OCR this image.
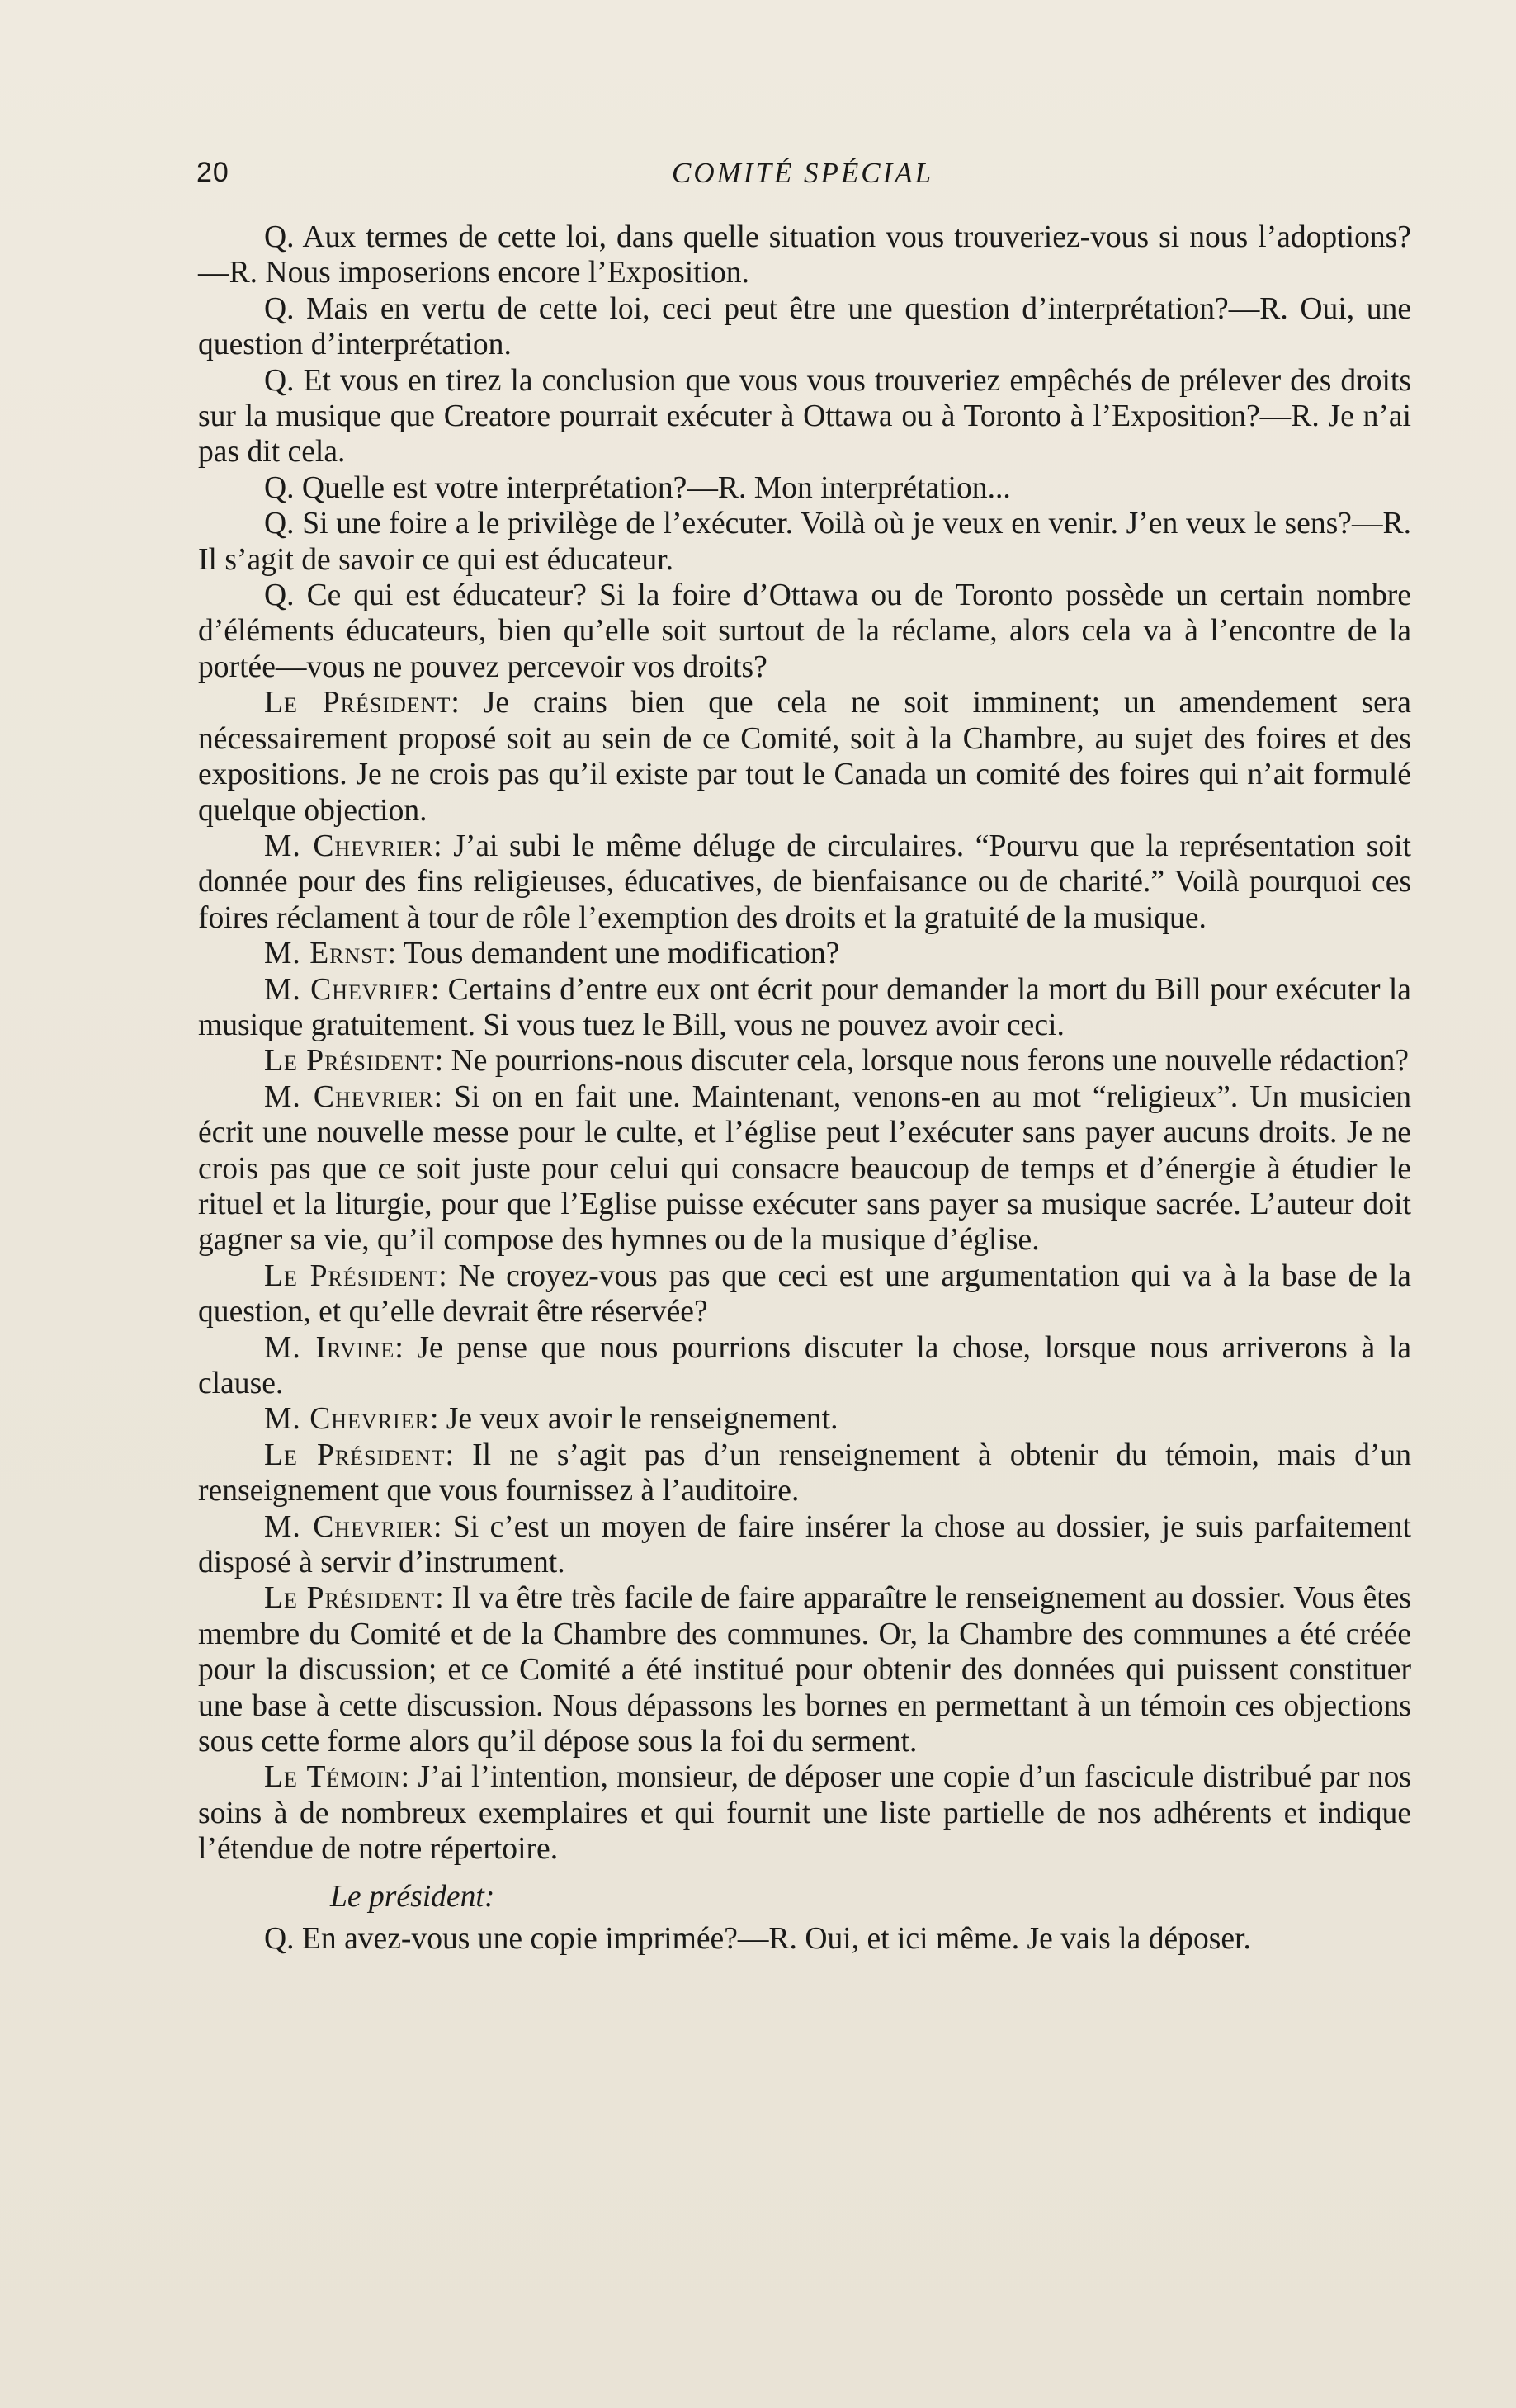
20	COMITÉ SPÉCIAL

Q. Aux termes de cette loi, dans quelle situation vous trouveriez-vous si nous l’adoptions?—R. Nous imposerions encore l’Exposition.

Q. Mais en vertu de cette loi, ceci peut être une question d’interprétation?—R. Oui, une question d’interprétation.

Q. Et vous en tirez la conclusion que vous vous trouveriez empêchés de prélever des droits sur la musique que Creatore pourrait exécuter à Ottawa ou à Toronto à l’Exposition?—R. Je n’ai pas dit cela.

Q. Quelle est votre interprétation?—R. Mon interprétation...

Q. Si une foire a le privilège de l’exécuter. Voilà où je veux en venir. J’en veux le sens?—R. Il s’agit de savoir ce qui est éducateur.

Q. Ce qui est éducateur? Si la foire d’Ottawa ou de Toronto possède un certain nombre d’éléments éducateurs, bien qu’elle soit surtout de la réclame, alors cela va à l’encontre de la portée—vous ne pouvez percevoir vos droits?

Le Président: Je crains bien que cela ne soit imminent; un amendement sera nécessairement proposé soit au sein de ce Comité, soit à la Chambre, au sujet des foires et des expositions. Je ne crois pas qu’il existe par tout le Canada un comité des foires qui n’ait formulé quelque objection.

M. Chevrier: J’ai subi le même déluge de circulaires. “Pourvu que la représentation soit donnée pour des fins religieuses, éducatives, de bienfaisance ou de charité.” Voilà pourquoi ces foires réclament à tour de rôle l’exemption des droits et la gratuité de la musique.

M. Ernst: Tous demandent une modification?

M. Chevrier: Certains d’entre eux ont écrit pour demander la mort du Bill pour exécuter la musique gratuitement. Si vous tuez le Bill, vous ne pouvez avoir ceci.

Le Président: Ne pourrions-nous discuter cela, lorsque nous ferons une nouvelle rédaction?

M. Chevrier: Si on en fait une. Maintenant, venons-en au mot “religieux”. Un musicien écrit une nouvelle messe pour le culte, et l’église peut l’exécuter sans payer aucuns droits. Je ne crois pas que ce soit juste pour celui qui consacre beaucoup de temps et d’énergie à étudier le rituel et la liturgie, pour que l’Eglise puisse exécuter sans payer sa musique sacrée. L’auteur doit gagner sa vie, qu’il compose des hymnes ou de la musique d’église.

Le Président: Ne croyez-vous pas que ceci est une argumentation qui va à la base de la question, et qu’elle devrait être réservée?

M. Irvine: Je pense que nous pourrions discuter la chose, lorsque nous arriverons à la clause.

M. Chevrier: Je veux avoir le renseignement.

Le Président: Il ne s’agit pas d’un renseignement à obtenir du témoin, mais d’un renseignement que vous fournissez à l’auditoire.

M. Chevrier: Si c’est un moyen de faire insérer la chose au dossier, je suis parfaitement disposé à servir d’instrument.

Le Président: Il va être très facile de faire apparaître le renseignement au dossier. Vous êtes membre du Comité et de la Chambre des communes. Or, la Chambre des communes a été créée pour la discussion; et ce Comité a été institué pour obtenir des données qui puissent constituer une base à cette discussion. Nous dépassons les bornes en permettant à un témoin ces objections sous cette forme alors qu’il dépose sous la foi du serment.

Le Témoin: J’ai l’intention, monsieur, de déposer une copie d’un fascicule distribué par nos soins à de nombreux exemplaires et qui fournit une liste partielle de nos adhérents et indique l’étendue de notre répertoire.

Le président:

Q. En avez-vous une copie imprimée?—R. Oui, et ici même. Je vais la déposer.
